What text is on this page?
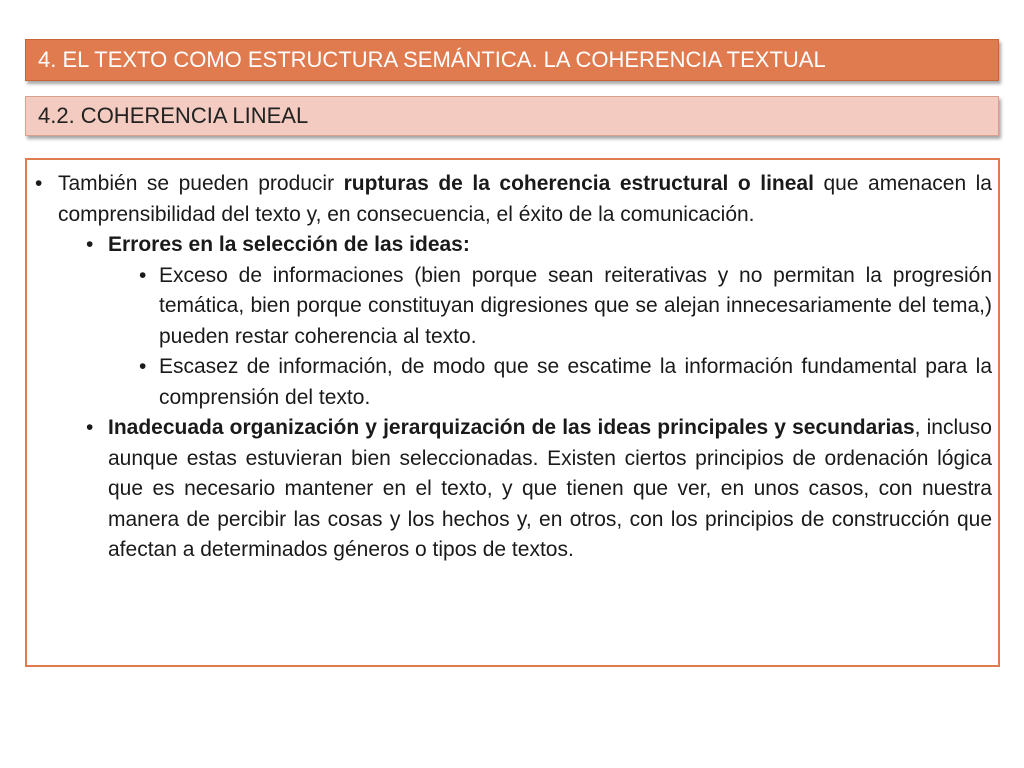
4. EL TEXTO COMO ESTRUCTURA SEMÁNTICA. LA COHERENCIA TEXTUAL
4.2. COHERENCIA LINEAL

• También se pueden producir rupturas de la coherencia estructural o lineal que amenacen la comprensibilidad del texto y, en consecuencia, el éxito de la comunicación.

• Errores en la selección de las ideas:

• Exceso de informaciones (bien porque sean reiterativas y no permitan la progresión temática, bien porque constituyan digresiones que se alejan innecesariamente del tema,) pueden restar coherencia al texto.

• Escasez de información, de modo que se escatime la información fundamental para la comprensión del texto.

• Inadecuada organización y jerarquización de las ideas principales y secundarias, incluso aunque estas estuvieran bien seleccionadas. Existen ciertos principios de ordenación lógica que es necesario mantener en el texto, y que tienen que ver, en unos casos, con nuestra manera de percibir las cosas y los hechos y, en otros, con los principios de construcción que afectan a determinados géneros o tipos de textos.
